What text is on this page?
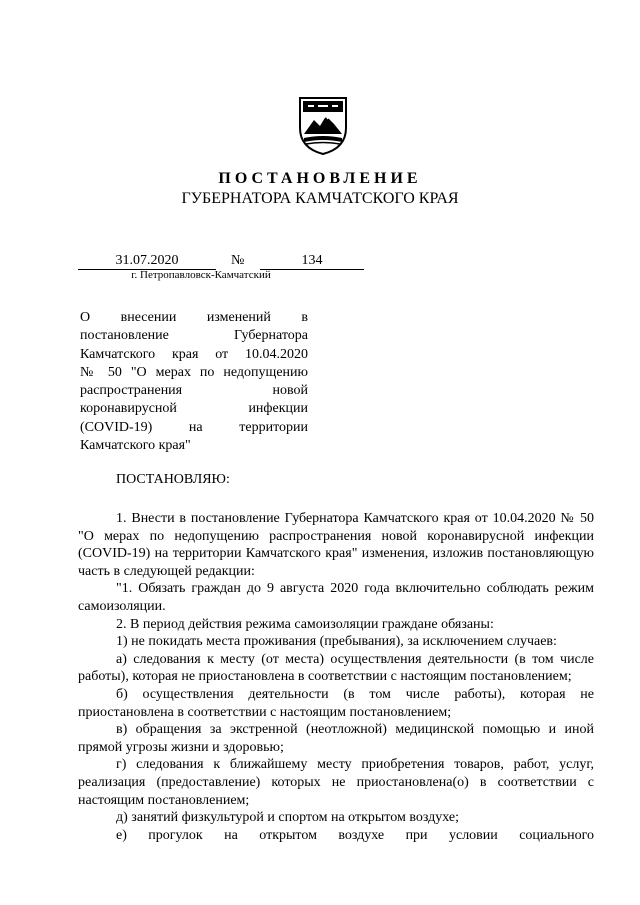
ПОСТАНОВЛЕНИЕ
ГУБЕРНАТОРА КАМЧАТСКОГО КРАЯ
31.07.2020	№	134
г. Петропавловск-Камчатский
О внесении изменений в
постановление Губернатора
Камчатского края от 10.04.2020
№ 50 "О мерах по недопущению
распространения новой
коронавирусной инфекции
(COVID-19) на территории
Камчатского края"
ПОСТАНОВЛЯЮ:

1. Внести в постановление Губернатора Камчатского края от 10.04.2020 № 50 "О мерах по недопущению распространения новой коронавирусной инфекции (COVID-19) на территории Камчатского края" изменения, изложив постановляющую часть в следующей редакции:

"1. Обязать граждан до 9 августа 2020 года включительно соблюдать режим самоизоляции.

2. В период действия режима самоизоляции граждане обязаны:

1) не покидать места проживания (пребывания), за исключением случаев:

а) следования к месту (от места) осуществления деятельности (в том числе работы), которая не приостановлена в соответствии с настоящим постановлением;

б) осуществления деятельности (в том числе работы), которая не приостановлена в соответствии с настоящим постановлением;

в) обращения за экстренной (неотложной) медицинской помощью и иной прямой угрозы жизни и здоровью;

г) следования к ближайшему месту приобретения товаров, работ, услуг, реализация (предоставление) которых не приостановлена(о) в соответствии с настоящим постановлением;

д) занятий физкультурой и спортом на открытом воздухе;

е) прогулок на открытом воздухе при условии социального
